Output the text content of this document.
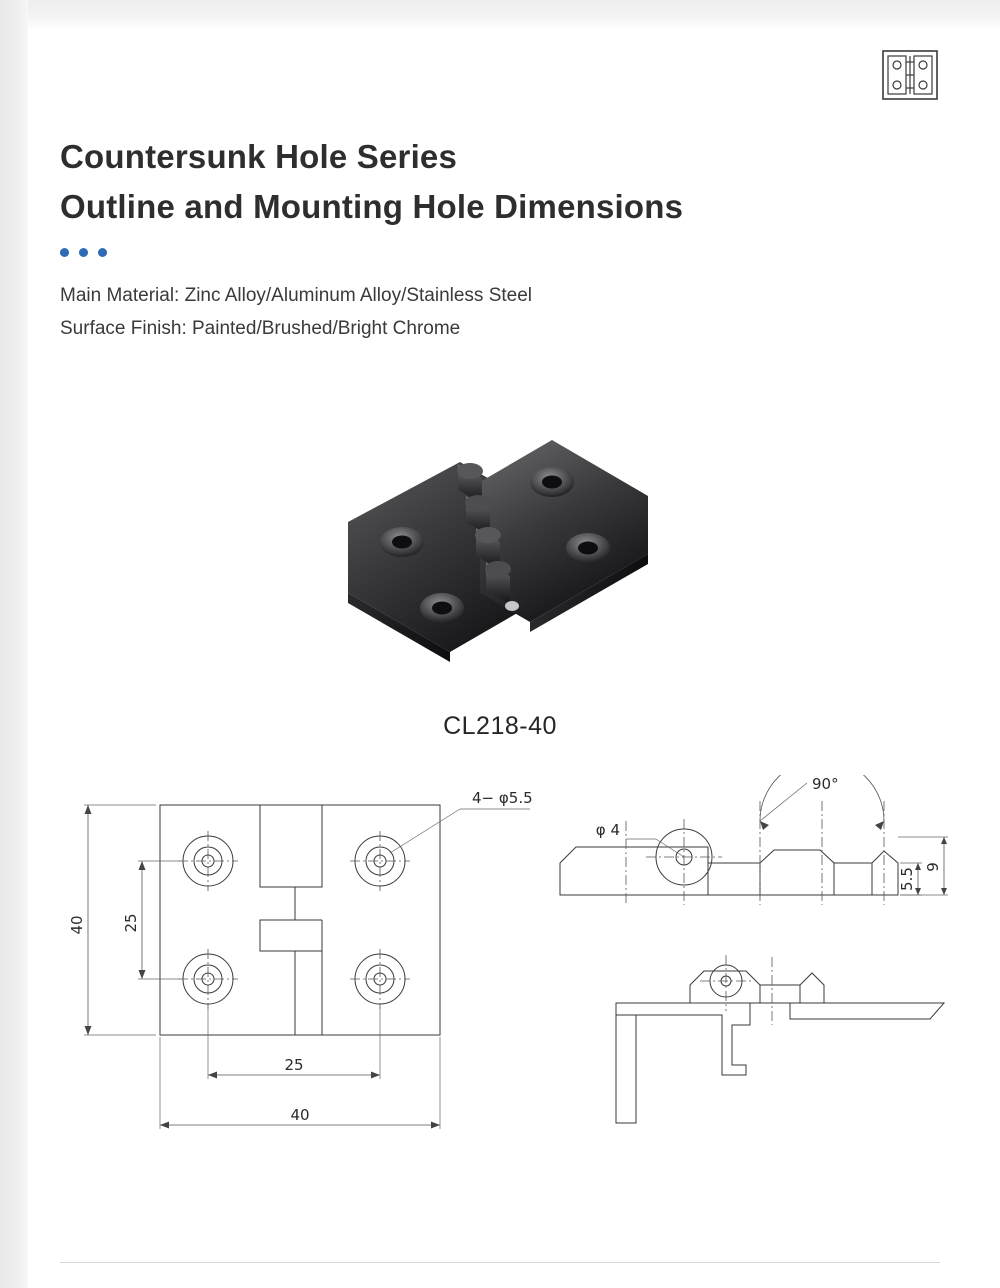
Countersunk Hole Series
Outline and Mounting Hole Dimensions
Main Material: Zinc Alloy/Aluminum Alloy/Stainless Steel
Surface Finish: Painted/Brushed/Bright Chrome
CL218-40
40 25
25
40
4− φ5.5
90°
φ 4
5.5
9
